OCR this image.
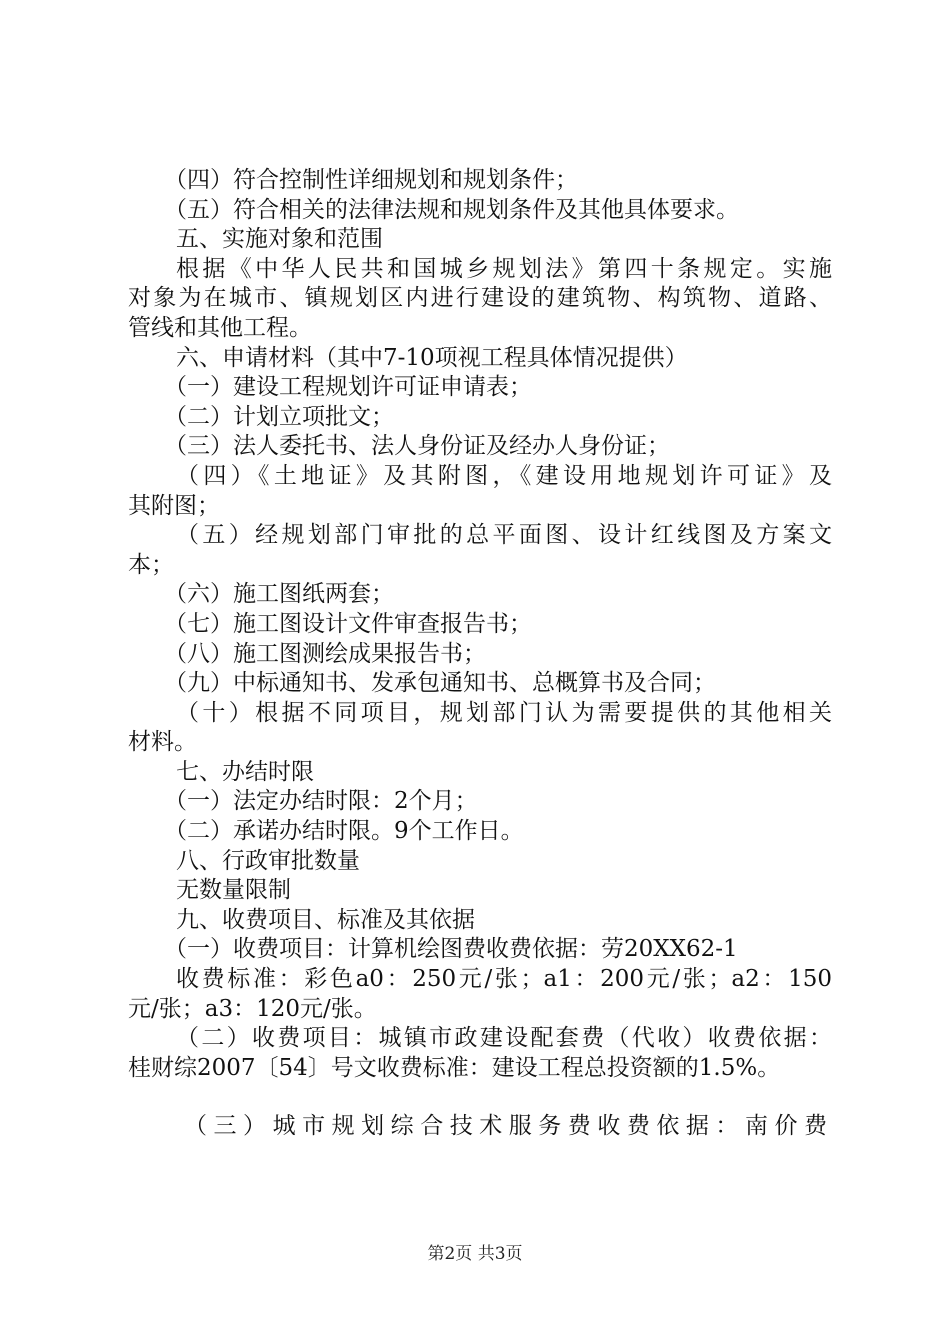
（四）符合控制性详细规划和规划条件；

（五）符合相关的法律法规和规划条件及其他具体要求。

五、实施对象和范围

根据《中华人民共和国城乡规划法》第四十条规定。实施

对象为在城市、镇规划区内进行建设的建筑物、构筑物、道路、

管线和其他工程。

六、申请材料（其中7-10项视工程具体情况提供）

（一）建设工程规划许可证申请表；

（二）计划立项批文；

（三）法人委托书、法人身份证及经办人身份证；

（四）《土地证》及其附图，《建设用地规划许可证》及

其附图；

（五）经规划部门审批的总平面图、设计红线图及方案文

本；

（六）施工图纸两套；

（七）施工图设计文件审查报告书；

（八）施工图测绘成果报告书；

（九）中标通知书、发承包通知书、总概算书及合同；

（十）根据不同项目，规划部门认为需要提供的其他相关

材料。

七、办结时限

（一）法定办结时限：2个月；

（二）承诺办结时限。9个工作日。

八、行政审批数量

无数量限制

九、收费项目、标准及其依据

（一）收费项目：计算机绘图费收费依据：劳20XX62-1

收费标准：彩色a0：250元/张；a1：200元/张；a2：150

元/张；a3：120元/张。

（二）收费项目：城镇市政建设配套费（代收）收费依据：

桂财综2007〔54〕号文收费标准：建设工程总投资额的1.5%。

（三）城市规划综合技术服务费收费依据：南价费

第2页 共3页
